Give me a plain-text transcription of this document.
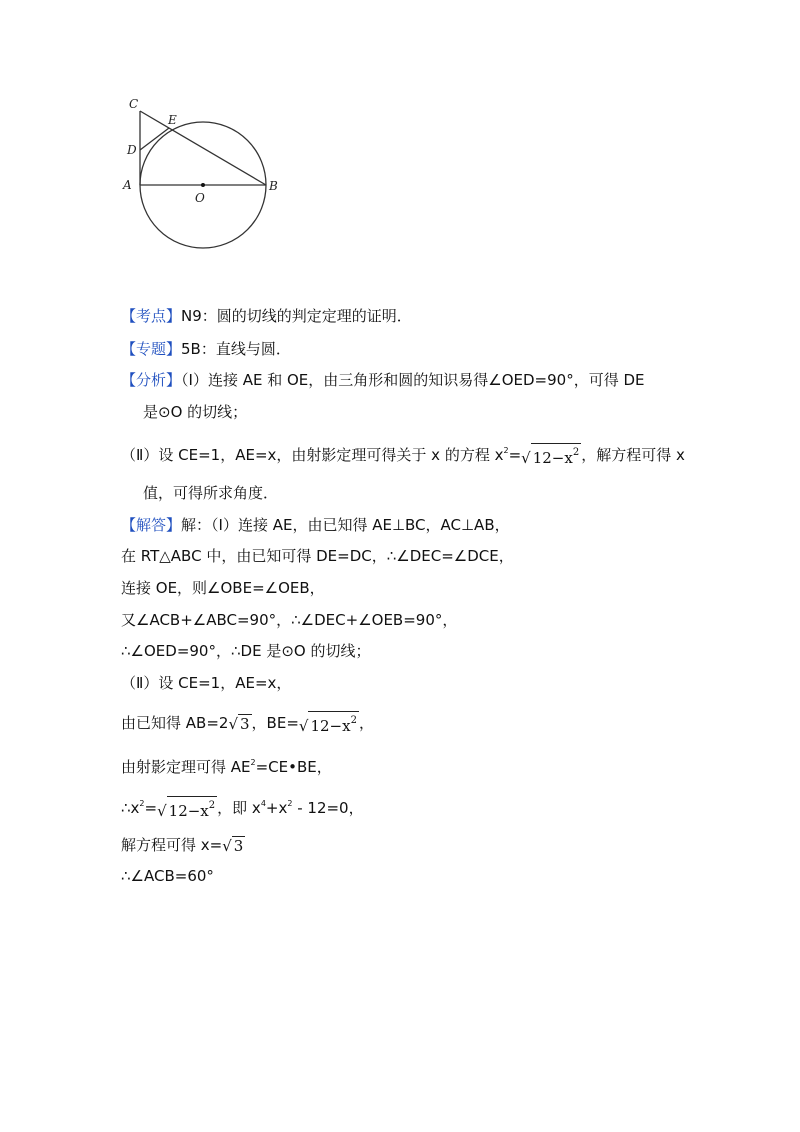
C
E
D
A
O
B
【考点】N9：圆的切线的判定定理的证明．
【专题】5B：直线与圆．
【分析】（Ⅰ）连接 AE 和 OE，由三角形和圆的知识易得∠OED=90°，可得 DE
是⊙O 的切线；
（Ⅱ）设 CE=1，AE=x，由射影定理可得关于 x 的方程 $x^2=√$ $12-x^2$ ，解方程可得 x
值，可得所求角度．
【解答】解：（Ⅰ）连接 AE，由已知得 AE⊥BC，AC⊥AB，
在 RT△ABC 中，由已知可得 DE=DC，∴∠DEC=∠DCE，
连接 OE，则∠OBE=∠OEB，
又∠ACB+∠ABC=90°，∴∠DEC+∠OEB=90°，
∴∠OED=90°，∴DE 是⊙O 的切线；
（Ⅱ）设 CE=1，AE=x，
由已知得 AB=2√ 3 ，BE=√ $12-x^2$ ，
由射影定理可得 $AE^2=CE•BE$，
$\therefore x^2=√$ $12-x^2$ ，即 $x^4+x^2 - 12=0$，
解方程可得 x=√ 3
∴∠ACB=60°
